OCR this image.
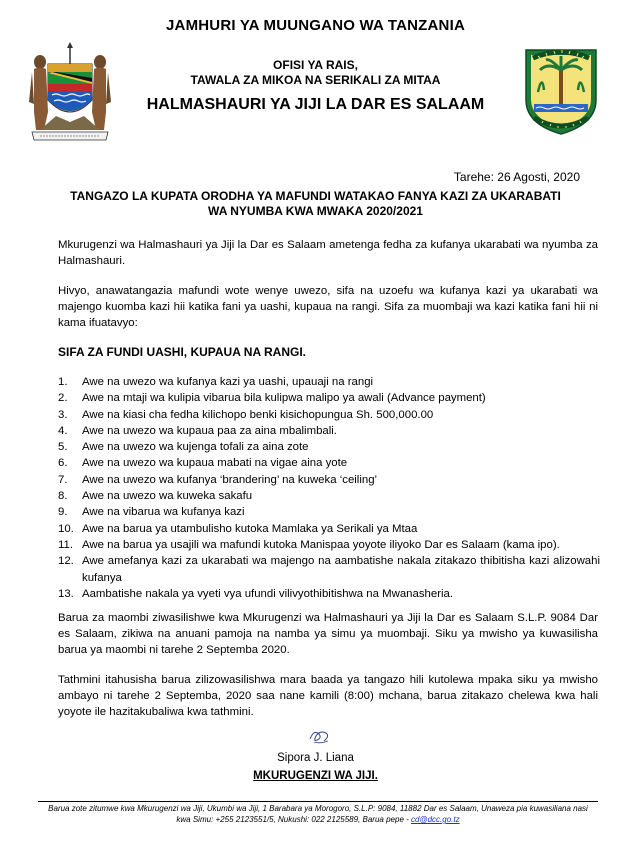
JAMHURI YA MUUNGANO WA TANZANIA
OFISI YA RAIS,
TAWALA ZA MIKOA NA SERIKALI ZA MITAA
HALMASHAURI YA JIJI LA DAR ES SALAAM
Tarehe: 26 Agosti, 2020
TANGAZO LA KUPATA ORODHA YA MAFUNDI WATAKAO FANYA KAZI ZA UKARABATI
WA NYUMBA KWA MWAKA 2020/2021
Mkurugenzi wa Halmashauri ya Jiji la Dar es Salaam ametenga fedha za kufanya ukarabati wa nyumba za Halmashauri.
Hivyo, anawatangazia mafundi wote wenye uwezo, sifa na uzoefu wa kufanya kazi ya ukarabati wa majengo kuomba kazi hii katika fani ya uashi, kupaua na rangi. Sifa za muombaji wa kazi katika fani hii ni kama ifuatavyo:
SIFA ZA FUNDI UASHI, KUPAUA NA RANGI.
1.	Awe na uwezo wa kufanya kazi ya uashi, upauaji na rangi
2.	Awe na mtaji wa kulipia vibarua bila kulipwa malipo ya awali (Advance payment)
3.	Awe na kiasi cha fedha kilichopo benki kisichopungua Sh. 500,000.00
4.	Awe na uwezo wa kupaua paa za aina mbalimbali.
5.	Awe na uwezo wa kujenga tofali za aina zote
6.	Awe na uwezo wa kupaua mabati na vigae aina yote
7.	Awe na uwezo wa kufanya ‘brandering’ na kuweka ‘ceiling’
8.	Awe na uwezo wa kuweka sakafu
9.	Awe na vibarua wa kufanya kazi
10. Awe na barua ya utambulisho kutoka Mamlaka ya Serikali ya Mtaa
11. Awe na barua ya usajili wa mafundi kutoka Manispaa yoyote iliyoko Dar es Salaam (kama ipo).
12. Awe amefanya kazi za ukarabati wa majengo na aambatishe nakala zitakazo thibitisha kazi alizowahi kufanya
13. Aambatishe nakala ya vyeti vya ufundi vilivyothibitishwa na Mwanasheria.
Barua za maombi ziwasilishwe kwa Mkurugenzi wa Halmashauri ya Jiji la Dar es Salaam S.L.P. 9084 Dar es Salaam, zikiwa na anuani pamoja na namba ya simu ya muombaji. Siku ya mwisho ya kuwasilisha barua ya maombi ni tarehe 2 Septemba 2020.
Tathmini itahusisha barua zilizowasilishwa mara baada ya tangazo hili kutolewa mpaka siku ya mwisho ambayo ni tarehe 2 Septemba, 2020 saa nane kamili (8:00) mchana, barua zitakazo chelewa kwa hali yoyote ile hazitakubaliwa kwa tathmini.
Sipora J. Liana
MKURUGENZI WA JIJI.
Barua zote zitumwe kwa Mkurugenzi wa Jiji, Ukumbi wa Jiji, 1 Barabara ya Morogoro, S.L.P: 9084, 11882 Dar es Salaam, Unaweza pia kuwasiliana nasi kwa Simu: +255 2123551/5, Nukushi: 022 2125589, Barua pepe - cd@dcc.go.tz
